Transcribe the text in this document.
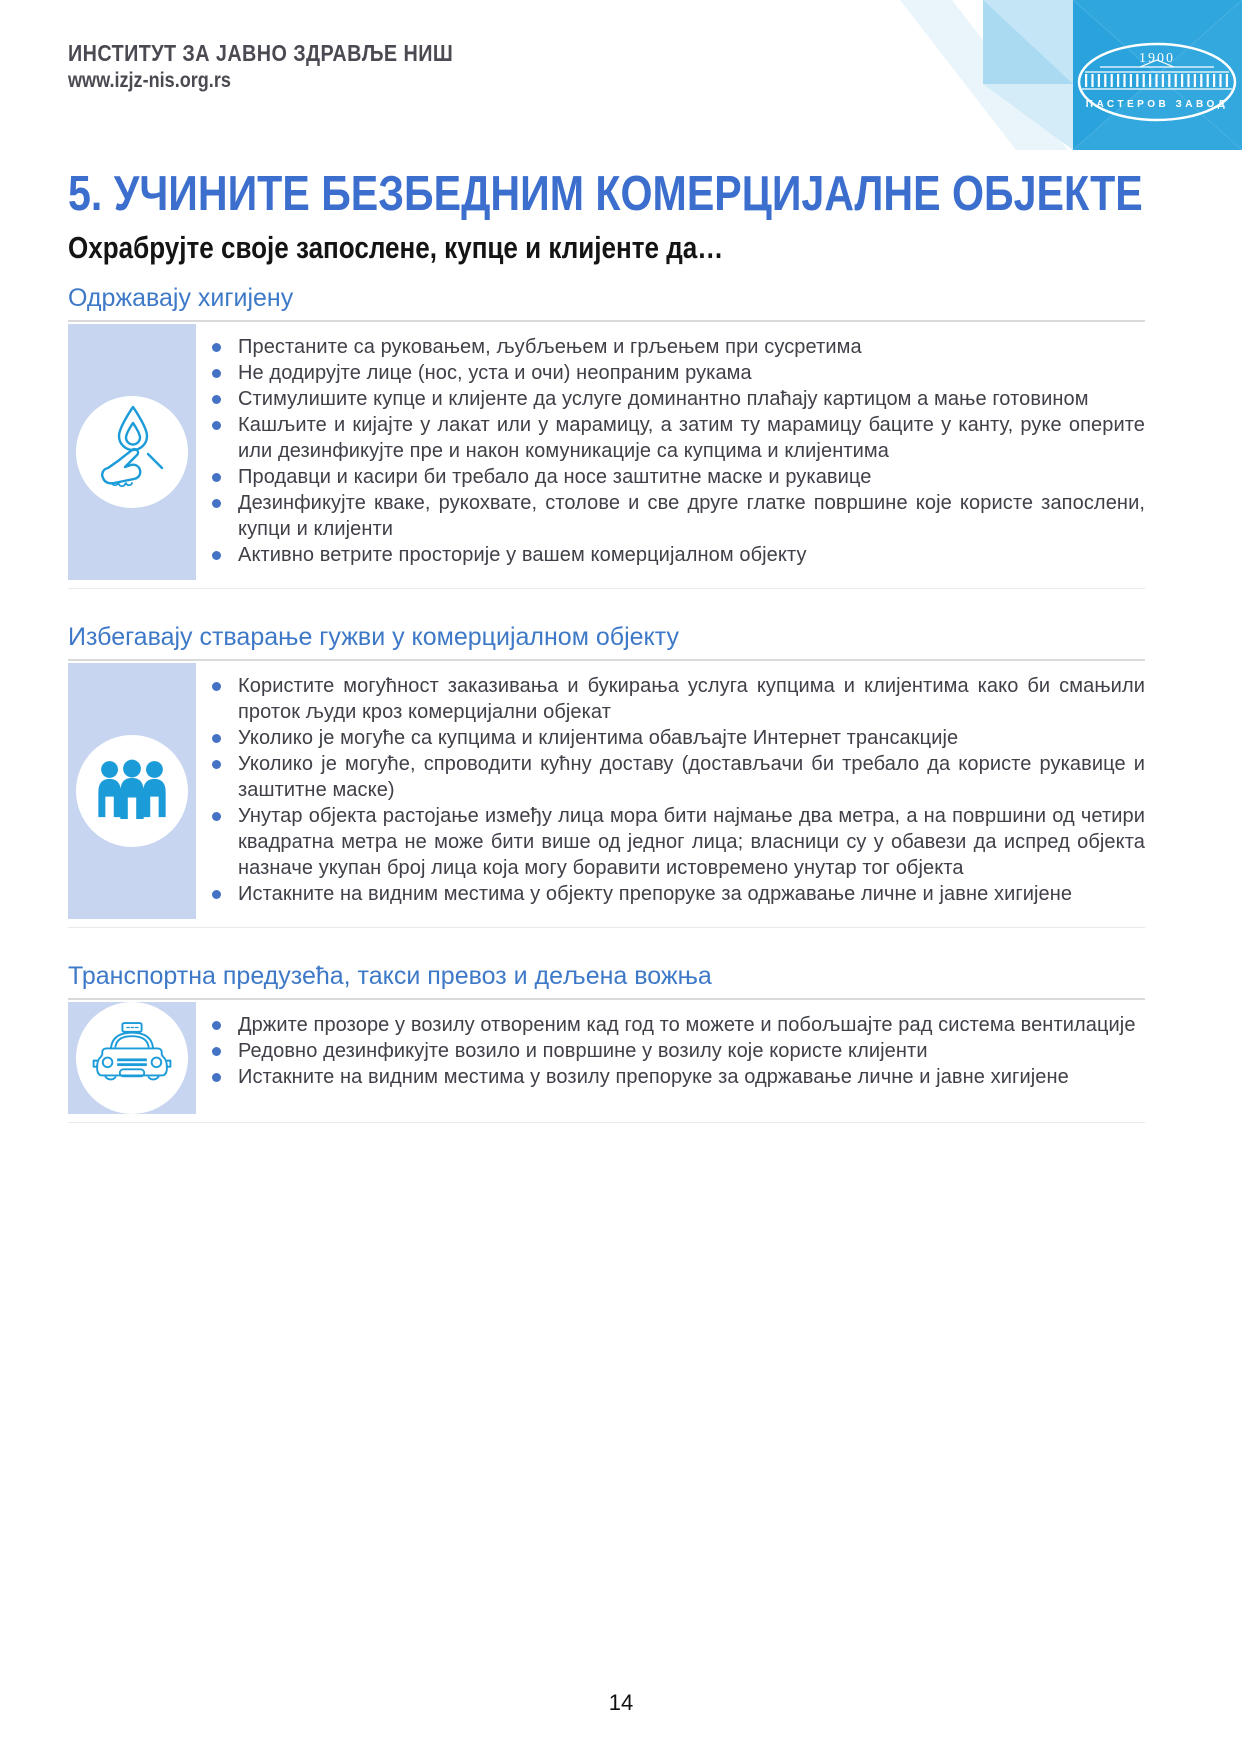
1900
ПАСТЕРОВ ЗАВОД
ИНСТИТУТ ЗА ЈАВНО ЗДРАВЉЕ НИШ
www.izjz-nis.org.rs
5. УЧИНИТЕ БЕЗБЕДНИМ КОМЕРЦИЈАЛНЕ ОБЈЕКТЕ
Охрабрујте своје запослене, купце и клијенте да…
Одржавају хигијену
Престаните са руковањем, љубљењем и грљењем при сусретима
Не додирујте лице (нос, уста и очи) неопраним рукама
Стимулишите купце и клијенте да услуге доминантно плаћају картицом а мање готовином
Кашљите и кијајте у лакат или у марамицу, а затим ту марамицу баците у канту, руке оперите или дезинфикујте пре и након комуникације са купцима и клијентима
Продавци и касири би требало да носе заштитне маске и рукавице
Дезинфикујте кваке, рукохвате, столове и све друге глатке површине које користе запослени, купци и клијенти
Активно ветрите просторије у вашем комерцијалном објекту
Избегавају стварање гужви у комерцијалном објекту
Користите могућност заказивања и букирања услуга купцима и клијентима како би смањили проток људи кроз комерцијални објекат
Уколико је могуће са купцима и клијентима обављајте Интернет трансакције
Уколико је могуће, спроводити кућну доставу (достављачи би требало да користе рукавице и заштитне маске)
Унутар објекта растојање између лица мора бити најмање два метра, а на површини од четири квадратна метра не може бити више од једног лица; власници су у обавези да испред објекта назначе укупан број лица која могу боравити истовремено унутар тог објекта
Истакните на видним местима у објекту препоруке за одржавање личне и јавне хигијене
Транспортна предузећа, такси превоз и дељена вожња
Држите прозоре у возилу отвореним кад год то можете и побољшајте рад система вентилације
Редовно дезинфикујте возило и површине у возилу које користе клијенти
Истакните на видним местима у возилу препоруке за одржавање личне и јавне хигијене
14
